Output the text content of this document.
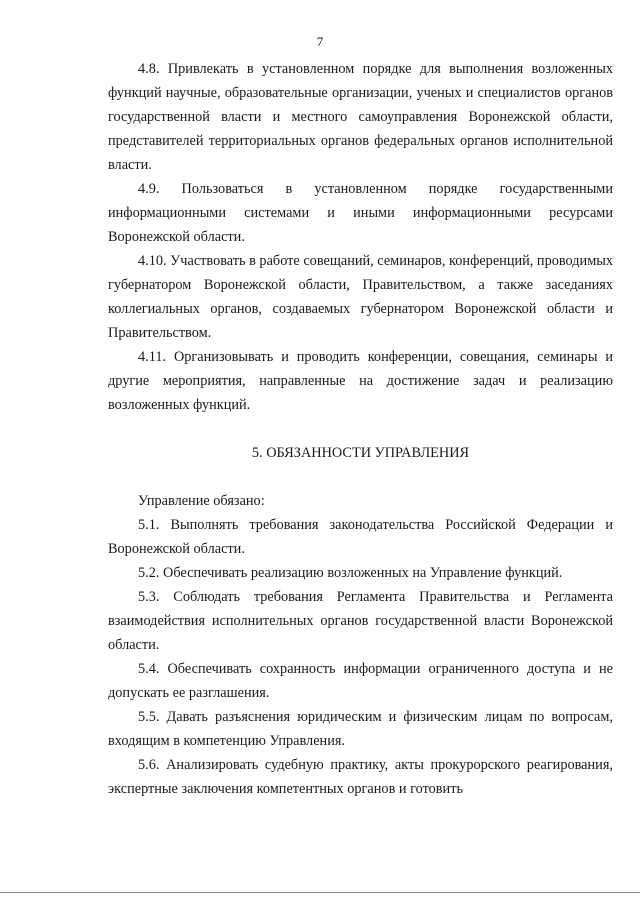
7

4.8. Привлекать в установленном порядке для выполнения возложенных функций научные, образовательные организации, ученых и специалистов органов государственной власти и местного самоуправления Воронежской области, представителей территориальных органов федеральных органов исполнительной власти.

4.9. Пользоваться в установленном порядке государственными информационными системами и иными информационными ресурсами Воронежской области.

4.10. Участвовать в работе совещаний, семинаров, конференций, проводимых губернатором Воронежской области, Правительством, а также заседаниях коллегиальных органов, создаваемых губернатором Воронежской области и Правительством.

4.11. Организовывать и проводить конференции, совещания, семинары и другие мероприятия, направленные на достижение задач и реализацию возложенных функций.

5. ОБЯЗАННОСТИ УПРАВЛЕНИЯ

Управление обязано:

5.1. Выполнять требования законодательства Российской Федерации и Воронежской области.

5.2. Обеспечивать реализацию возложенных на Управление функций.

5.3. Соблюдать требования Регламента Правительства и Регламента взаимодействия исполнительных органов государственной власти Воронежской области.

5.4. Обеспечивать сохранность информации ограниченного доступа и не допускать ее разглашения.

5.5. Давать разъяснения юридическим и физическим лицам по вопросам, входящим в компетенцию Управления.

5.6. Анализировать судебную практику, акты прокурорского реагирования, экспертные заключения компетентных органов и готовить
